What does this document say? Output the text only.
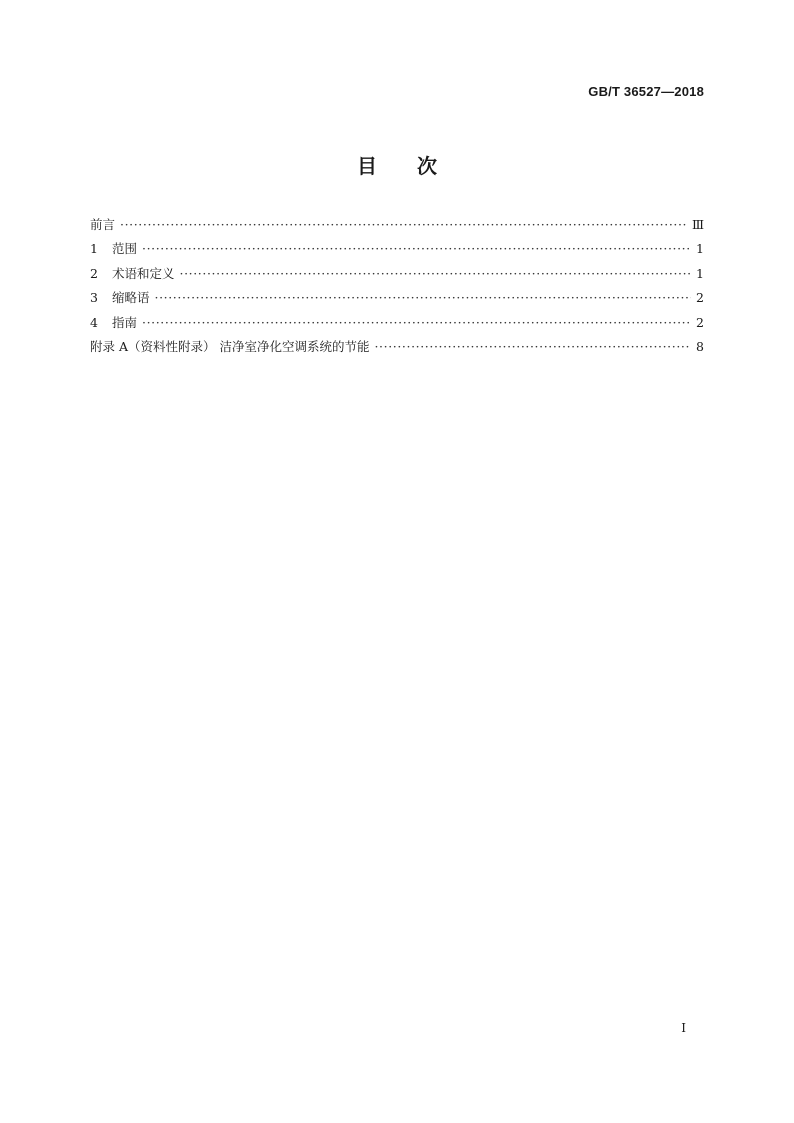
GB/T 36527—2018
目 次
前言 ·····	Ⅲ
1	范围 ·····	1
2	术语和定义 ·····	1
3	缩略语 ·····	2
4	指南 ·····	2
附录 A（资料性附录） 洁净室净化空调系统的节能 ·····	8
I
